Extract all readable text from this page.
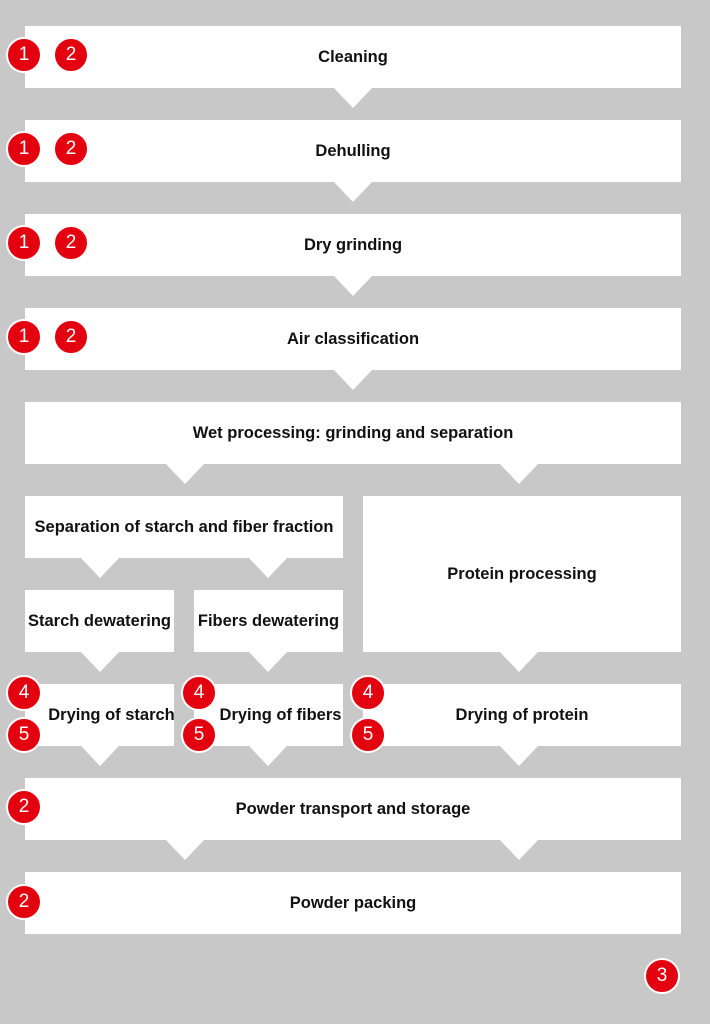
Cleaning
Dehulling
Dry grinding
Air classification
Wet processing: grinding and separation
Separation of starch and fiber fraction
Protein processing
Starch dewatering Fibers dewatering
Drying of starch	Drying of fibers	Drying of protein
Powder transport and storage
Powder packing
1	2
1	2
1	2
1	2
4
5
4
5
4
5
2
2
3
